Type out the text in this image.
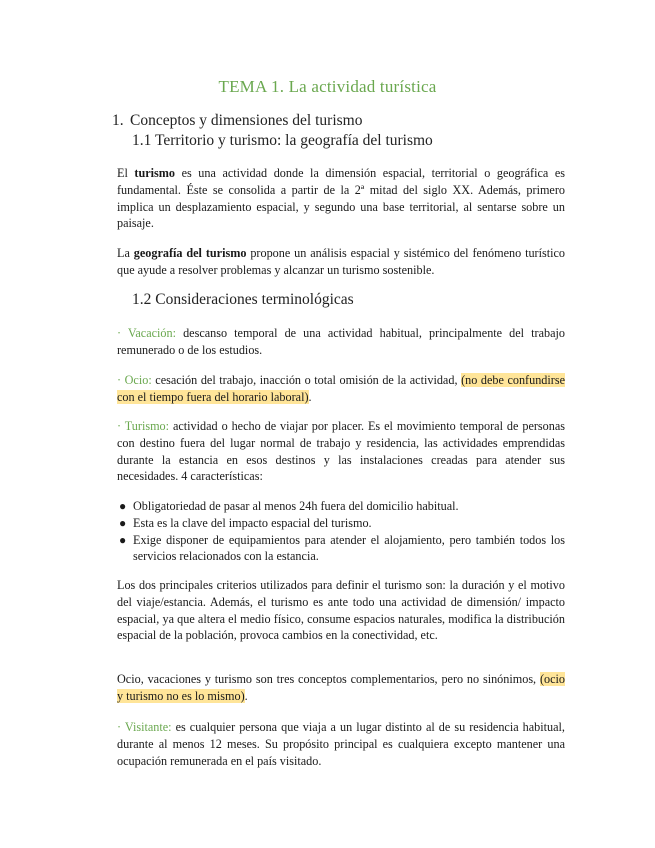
TEMA 1. La actividad turística
1. Conceptos y dimensiones del turismo
1.1 Territorio y turismo: la geografía del turismo
El turismo es una actividad donde la dimensión espacial, territorial o geográfica es fundamental. Éste se consolida a partir de la 2ª mitad del siglo XX. Además, primero implica un desplazamiento espacial, y segundo una base territorial, al sentarse sobre un paisaje.
La geografía del turismo propone un análisis espacial y sistémico del fenómeno turístico que ayude a resolver problemas y alcanzar un turismo sostenible.
1.2 Consideraciones terminológicas
· Vacación: descanso temporal de una actividad habitual, principalmente del trabajo remunerado o de los estudios.
· Ocio: cesación del trabajo, inacción o total omisión de la actividad, (no debe confundirse con el tiempo fuera del horario laboral).
· Turismo: actividad o hecho de viajar por placer. Es el movimiento temporal de personas con destino fuera del lugar normal de trabajo y residencia, las actividades emprendidas durante la estancia en esos destinos y las instalaciones creadas para atender sus necesidades. 4 características:
● Obligatoriedad de pasar al menos 24h fuera del domicilio habitual.
● Esta es la clave del impacto espacial del turismo.
● Exige disponer de equipamientos para atender el alojamiento, pero también todos los servicios relacionados con la estancia.
Los dos principales criterios utilizados para definir el turismo son: la duración y el motivo del viaje/estancia. Además, el turismo es ante todo una actividad de dimensión/ impacto espacial, ya que altera el medio físico, consume espacios naturales, modifica la distribución espacial de la población, provoca cambios en la conectividad, etc.
Ocio, vacaciones y turismo son tres conceptos complementarios, pero no sinónimos, (ocio y turismo no es lo mismo).
· Visitante: es cualquier persona que viaja a un lugar distinto al de su residencia habitual, durante al menos 12 meses. Su propósito principal es cualquiera excepto mantener una ocupación remunerada en el país visitado.
